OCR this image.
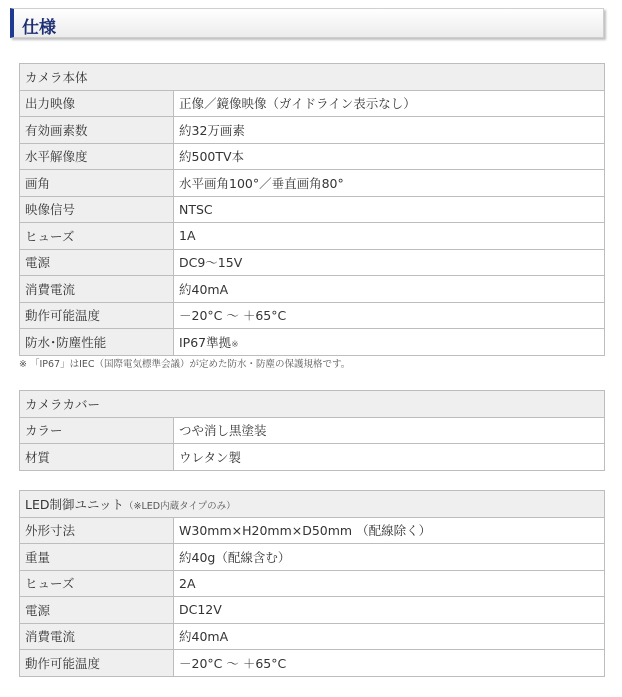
仕様
カメラ本体	
出力映像	正像／鏡像映像（ガイドライン表示なし）
有効画素数	約32万画素
水平解像度	約500TV本
画角	水平画角100°／垂直画角80°
映像信号	NTSC
ヒューズ	1A
電源	DC9～15V
消費電流	約40mA
動作可能温度	－20°C ～ ＋65°C
防水･防塵性能	IP67準拠※
※ 「IP67」はIEC（国際電気標準会議）が定めた防水・防塵の保護規格です。
カメラカバー	
カラー	つや消し黒塗装
材質	ウレタン製
LED制御ユニット（※LED内蔵タイプのみ）	
外形寸法	W30mm×H20mm×D50mm （配線除く）
重量	約40g（配線含む）
ヒューズ	2A
電源	DC12V
消費電流	約40mA
動作可能温度	－20°C ～ ＋65°C
